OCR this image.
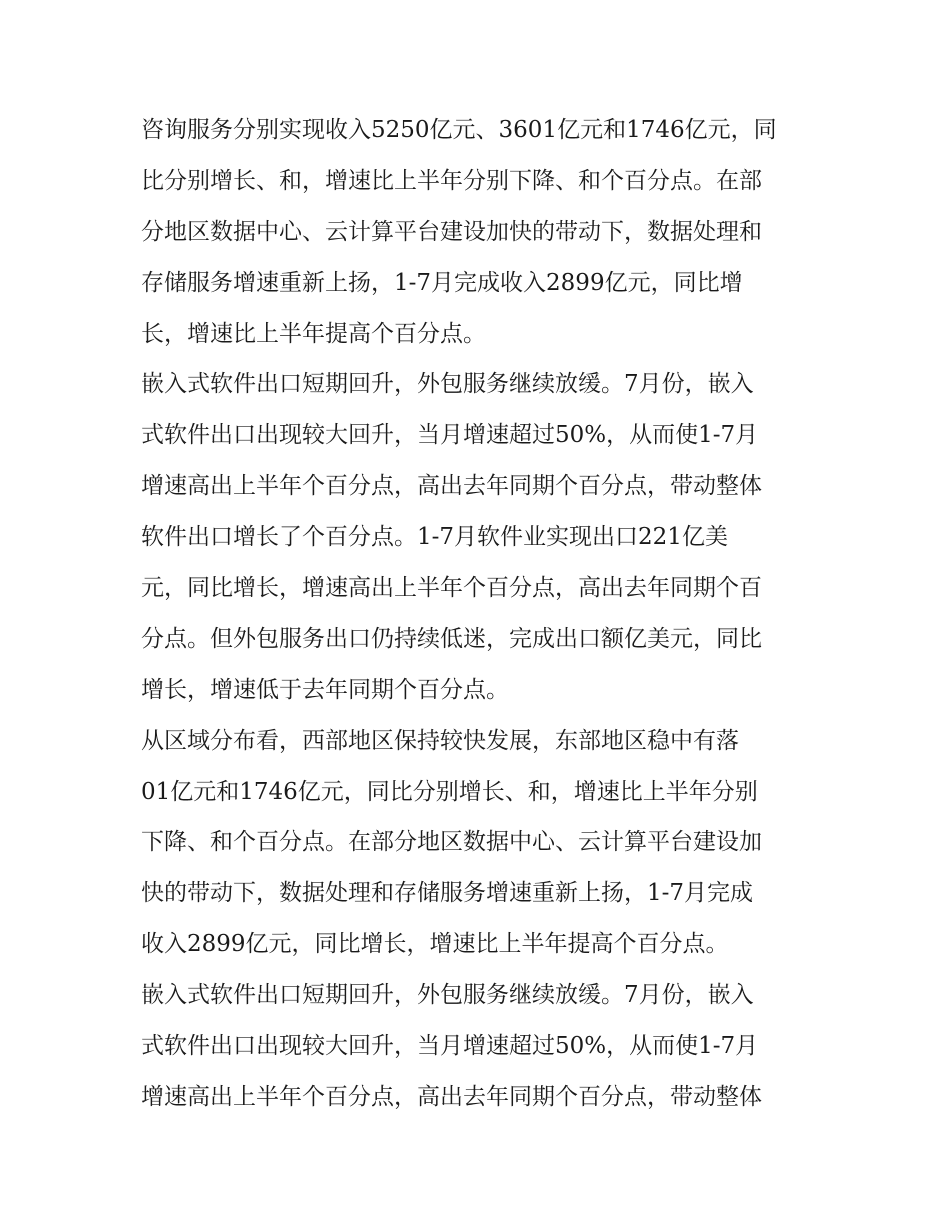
咨询服务分别实现收入5250亿元、3601亿元和1746亿元，同
比分别增长、和，增速比上半年分别下降、和个百分点。在部
分地区数据中心、云计算平台建设加快的带动下，数据处理和
存储服务增速重新上扬，1-7月完成收入2899亿元，同比增
长，增速比上半年提高个百分点。
嵌入式软件出口短期回升，外包服务继续放缓。7月份，嵌入
式软件出口出现较大回升，当月增速超过50%，从而使1-7月
增速高出上半年个百分点，高出去年同期个百分点，带动整体
软件出口增长了个百分点。1-7月软件业实现出口221亿美
元，同比增长，增速高出上半年个百分点，高出去年同期个百
分点。但外包服务出口仍持续低迷，完成出口额亿美元，同比
增长，增速低于去年同期个百分点。
从区域分布看，西部地区保持较快发展，东部地区稳中有落
01亿元和1746亿元，同比分别增长、和，增速比上半年分别
下降、和个百分点。在部分地区数据中心、云计算平台建设加
快的带动下，数据处理和存储服务增速重新上扬，1-7月完成
收入2899亿元，同比增长，增速比上半年提高个百分点。
嵌入式软件出口短期回升，外包服务继续放缓。7月份，嵌入
式软件出口出现较大回升，当月增速超过50%，从而使1-7月
增速高出上半年个百分点，高出去年同期个百分点，带动整体
